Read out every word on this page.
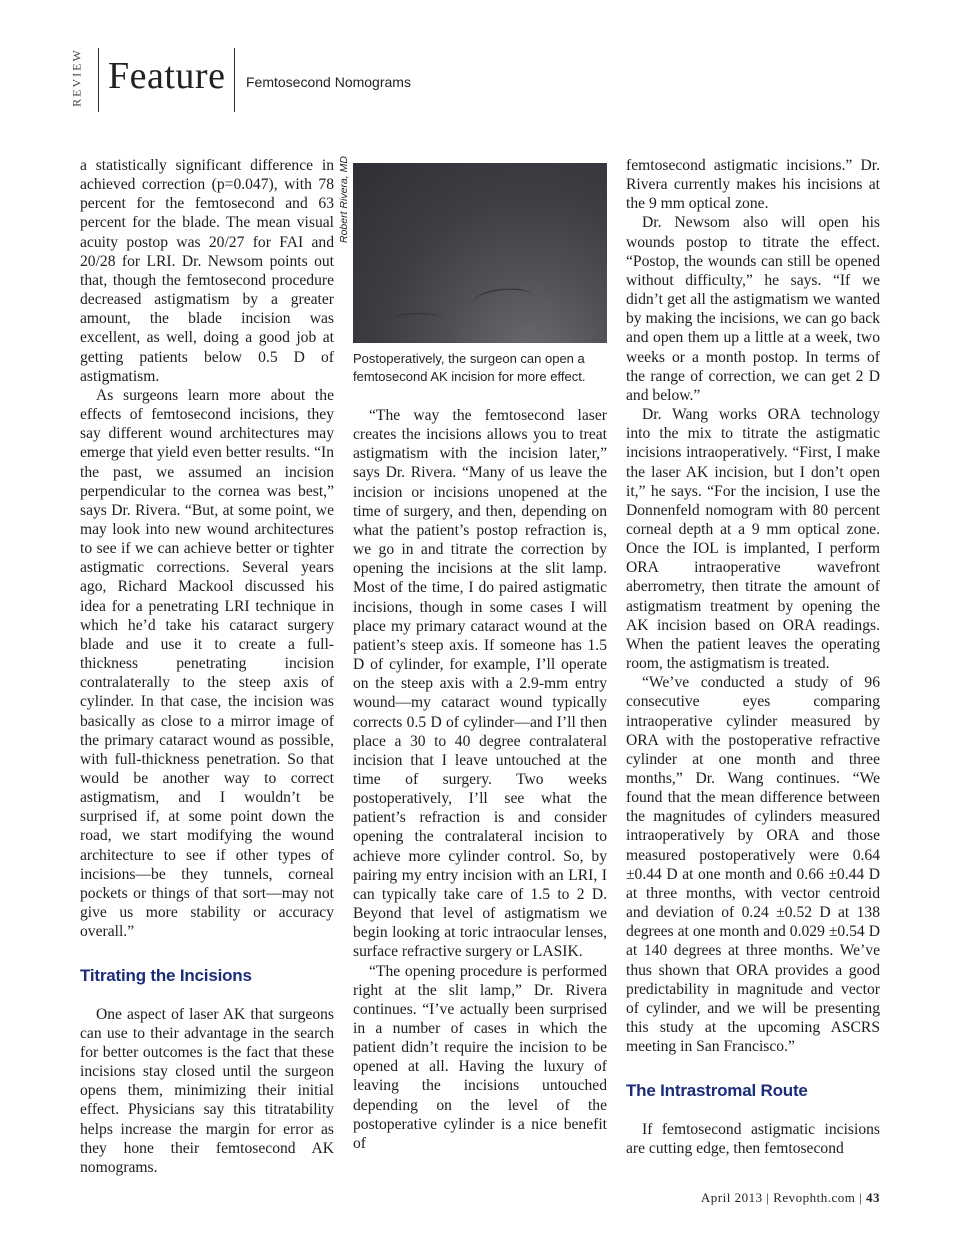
REVIEW Feature Femtosecond Nomograms

a statistically significant difference in achieved correction (p=0.047), with 78 percent for the femtosecond and 63 percent for the blade. The mean visual acuity postop was 20/27 for FAI and 20/28 for LRI. Dr. Newsom points out that, though the femtosecond procedure decreased astigmatism by a greater amount, the blade incision was excellent, as well, doing a good job at getting patients below 0.5 D of astigmatism.

As surgeons learn more about the effects of femtosecond incisions, they say different wound architectures may emerge that yield even better results. “In the past, we assumed an incision perpendicular to the cornea was best,” says Dr. Rivera. “But, at some point, we may look into new wound architectures to see if we can achieve better or tighter astigmatic corrections. Several years ago, Richard Mackool discussed his idea for a penetrating LRI technique in which he’d take his cataract surgery blade and use it to create a full-thickness penetrating incision contralaterally to the steep axis of cylinder. In that case, the incision was basically as close to a mirror image of the primary cataract wound as possible, with full-thickness penetration. So that would be another way to correct astigmatism, and I wouldn’t be surprised if, at some point down the road, we start modifying the wound architecture to see if other types of incisions—be they tunnels, corneal pockets or things of that sort—may not give us more stability or accuracy overall.”

Titrating the Incisions

One aspect of laser AK that surgeons can use to their advantage in the search for better outcomes is the fact that these incisions stay closed until the surgeon opens them, minimizing their initial effect. Physicians say this titratability helps increase the margin for error as they hone their femtosecond AK nomograms.

Robert Rivera, MD
Postoperatively, the surgeon can open a femtosecond AK incision for more effect.

“The way the femtosecond laser creates the incisions allows you to treat astigmatism with the incision later,” says Dr. Rivera. “Many of us leave the incision or incisions unopened at the time of surgery, and then, depending on what the patient’s postop refraction is, we go in and titrate the correction by opening the incisions at the slit lamp. Most of the time, I do paired astigmatic incisions, though in some cases I will place my primary cataract wound at the patient’s steep axis. If someone has 1.5 D of cylinder, for example, I’ll operate on the steep axis with a 2.9-mm entry wound—my cataract wound typically corrects 0.5 D of cylinder—and I’ll then place a 30 to 40 degree contralateral incision that I leave untouched at the time of surgery. Two weeks postoperatively, I’ll see what the patient’s refraction is and consider opening the contralateral incision to achieve more cylinder control. So, by pairing my entry incision with an LRI, I can typically take care of 1.5 to 2 D. Beyond that level of astigmatism we begin looking at toric intraocular lenses, surface refractive surgery or LASIK.

“The opening procedure is performed right at the slit lamp,” Dr. Rivera continues. “I’ve actually been surprised in a number of cases in which the patient didn’t require the incision to be opened at all. Having the luxury of leaving the incisions untouched depending on the level of the postoperative cylinder is a nice benefit of

femtosecond astigmatic incisions.” Dr. Rivera currently makes his incisions at the 9 mm optical zone.

Dr. Newsom also will open his wounds postop to titrate the effect. “Postop, the wounds can still be opened without difficulty,” he says. “If we didn’t get all the astigmatism we wanted by making the incisions, we can go back and open them up a little at a week, two weeks or a month postop. In terms of the range of correction, we can get 2 D and below.”

Dr. Wang works ORA technology into the mix to titrate the astigmatic incisions intraoperatively. “First, I make the laser AK incision, but I don’t open it,” he says. “For the incision, I use the Donnenfeld nomogram with 80 percent corneal depth at a 9 mm optical zone. Once the IOL is implanted, I perform ORA intraoperative wavefront aberrometry, then titrate the amount of astigmatism treatment by opening the AK incision based on ORA readings. When the patient leaves the operating room, the astigmatism is treated.

“We’ve conducted a study of 96 consecutive eyes comparing intraoperative cylinder measured by ORA with the postoperative refractive cylinder at one month and three months,” Dr. Wang continues. “We found that the mean difference between the magnitudes of cylinders measured intraoperatively by ORA and those measured postoperatively were 0.64 ±0.44 D at one month and 0.66 ±0.44 D at three months, with vector centroid and deviation of 0.24 ±0.52 D at 138 degrees at one month and 0.029 ±0.54 D at 140 degrees at three months. We’ve thus shown that ORA provides a good predictability in magnitude and vector of cylinder, and we will be presenting this study at the upcoming ASCRS meeting in San Francisco.”

The Intrastromal Route

If femtosecond astigmatic incisions are cutting edge, then femtosecond

April 2013 | Revophth.com | 43
